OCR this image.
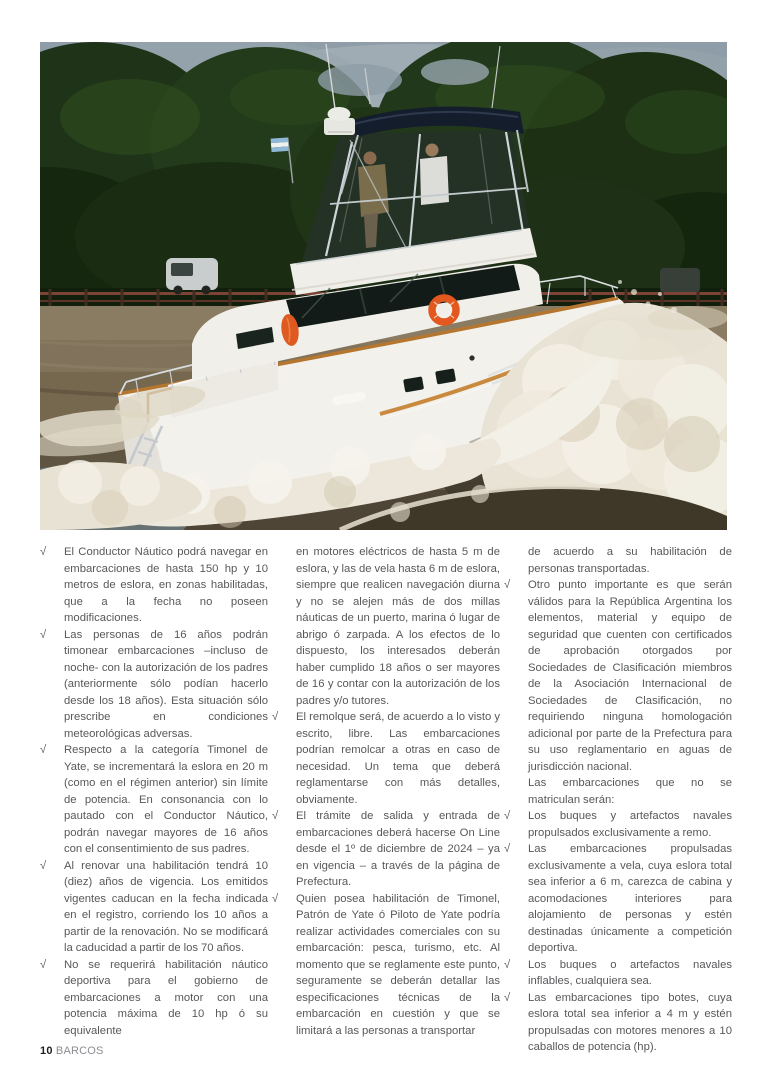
√	El Conductor Náutico podrá navegar en embarcaciones de hasta 150 hp y 10 metros de eslora, en zonas habilitadas, que a la fecha no poseen modificaciones.
√	Las personas de 16 años podrán timonear embarcaciones –incluso de noche- con la autorización de los padres (anteriormente sólo podían hacerlo desde los 18 años). Esta situación sólo prescribe en condiciones meteorológicas adversas.
√	Respecto a la categoría Timonel de Yate, se incrementará la eslora en 20 m (como en el régimen anterior) sin límite de potencia. En consonancia con lo pautado con el Conductor Náutico, podrán navegar mayores de 16 años con el consentimiento de sus padres.
√	Al renovar una habilitación tendrá 10 (diez) años de vigencia. Los emitidos vigentes caducan en la fecha indicada en el registro, corriendo los 10 años a partir de la renovación. No se modificará la caducidad a partir de los 70 años.
√	No se requerirá habilitación náutico deportiva para el gobierno de embarcaciones a motor con una potencia máxima de 10 hp ó su equivalente
en motores eléctricos de hasta 5 m de eslora, y las de vela hasta 6 m de eslora, siempre que realicen navegación diurna y no se alejen más de dos millas náuticas de un puerto, marina ó lugar de abrigo ó zarpada. A los efectos de lo dispuesto, los interesados deberán haber cumplido 18 años o ser mayores de 16 y contar con la autorización de los padres y/o tutores.
√	El remolque será, de acuerdo a lo visto y escrito, libre. Las embarcaciones podrían remolcar a otras en caso de necesidad. Un tema que deberá reglamentarse con más detalles, obviamente.
√	El trámite de salida y entrada de embarcaciones deberá hacerse On Line desde el 1º de diciembre de 2024 – ya en vigencia – a través de la página de Prefectura.
√	Quien posea habilitación de Timonel, Patrón de Yate ó Piloto de Yate podría realizar actividades comerciales con su embarcación: pesca, turismo, etc. Al momento que se reglamente este punto, seguramente se deberán detallar las especificaciones técnicas de la embarcación en cuestión y que se limitará a las personas a transportar
de acuerdo a su habilitación de personas transportadas.
√	Otro punto importante es que serán válidos para la República Argentina los elementos, material y equipo de seguridad que cuenten con certificados de aprobación otorgados por Sociedades de Clasificación miembros de la Asociación Internacional de Sociedades de Clasificación, no requiriendo ninguna homologación adicional por parte de la Prefectura para su uso reglamentario en aguas de jurisdicción nacional.
Las embarcaciones que no se matriculan serán:
√	Los buques y artefactos navales propulsados exclusivamente a remo.
√	Las embarcaciones propulsadas exclusivamente a vela, cuya eslora total sea inferior a 6 m, carezca de cabina y acomodaciones interiores para alojamiento de personas y estén destinadas únicamente a competición deportiva.
√	Los buques o artefactos navales inflables, cualquiera sea.
√	Las embarcaciones tipo botes, cuya eslora total sea inferior a 4 m y estén propulsadas con motores menores a 10 caballos de potencia (hp).
10 BARCOS
